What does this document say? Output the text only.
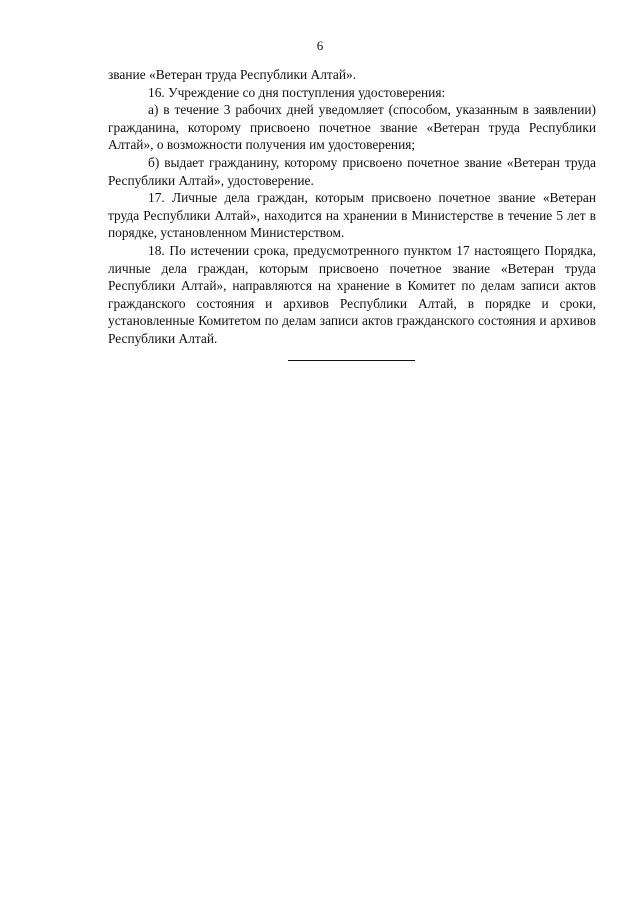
6

звание «Ветеран труда Республики Алтай».

16. Учреждение со дня поступления удостоверения:

а) в течение 3 рабочих дней уведомляет (способом, указанным в заявлении) гражданина, которому присвоено почетное звание «Ветеран труда Республики Алтай», о возможности получения им удостоверения;

б) выдает гражданину, которому присвоено почетное звание «Ветеран труда Республики Алтай», удостоверение.

17. Личные дела граждан, которым присвоено почетное звание «Ветеран труда Республики Алтай», находится на хранении в Министерстве в течение 5 лет в порядке, установленном Министерством.

18. По истечении срока, предусмотренного пунктом 17 настоящего Порядка, личные дела граждан, которым присвоено почетное звание «Ветеран труда Республики Алтай», направляются на хранение в Комитет по делам записи актов гражданского состояния и архивов Республики Алтай, в порядке и сроки, установленные Комитетом по делам записи актов гражданского состояния и архивов Республики Алтай.
